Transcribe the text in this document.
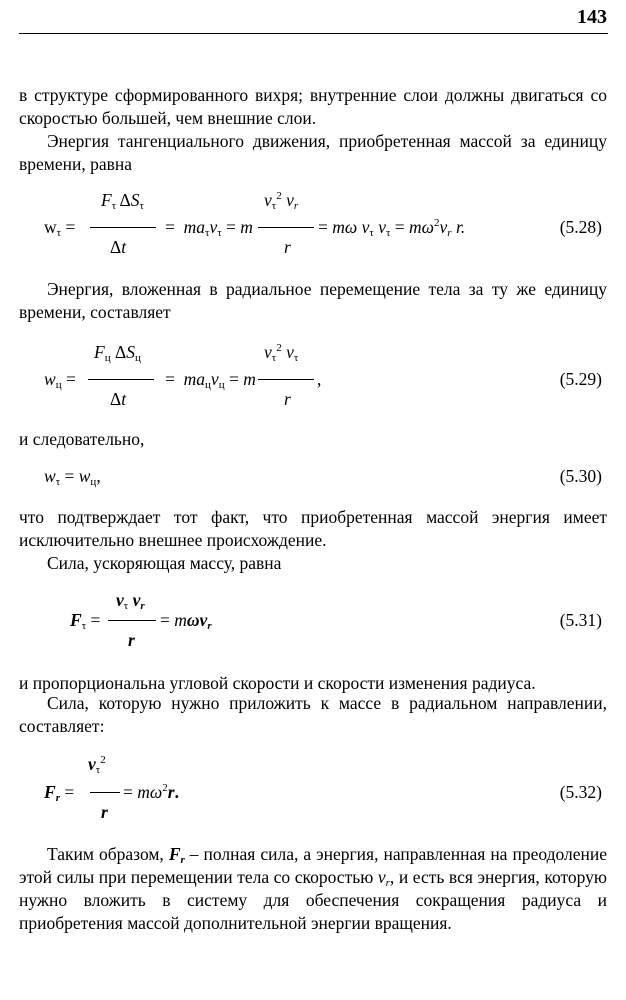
143

в структуре сформированного вихря; внутренние слои должны двигаться со скоростью большей, чем внешние слои.

Энергия тангенциального движения, приобретенная массой за единицу времени, равна

$F_\tau$ $\Delta S_\tau$
$w_\tau$ =
Δt
=  $ma_\tau v_\tau = m$
$v_\tau^2$ $v_r$
r
= mω $v_\tau$ $v_\tau = m\omega^2v_r$ r.	(5.28)

Энергия, вложенная в радиальное перемещение тела за ту же единицу времени, составляет

$F_ц$ $\Delta S_ц$
$w_ц$ =
Δt
=  $ma_цv_ц = m$
$v_\tau^2$ $v_\tau$
r
,	(5.29)

и следовательно,

$w_\tau = w_ц$,	(5.30)

что подтверждает тот факт, что приобретенная массой энергия имеет исключительно внешнее происхождение.

Сила, ускоряющая массу, равна

$v_\tau$ $v_r$
$F_\tau$ =
r
= mωv$_r$	(5.31)

и пропорциональна угловой скорости и скорости изменения радиуса.

Сила, которую нужно приложить к массе в радиальном направлении, составляет:

$v_\tau^2$
$F_r$ =
r
= $m\omega^2r$.	(5.32)

Таким образом, $F_r$ – полная сила, а энергия, направленная на преодоление этой силы при перемещении тела со скоростью $v_r$, и есть вся энергия, которую нужно вложить в систему для обеспечения сокращения радиуса и приобретения массой дополнительной энергии вращения.
